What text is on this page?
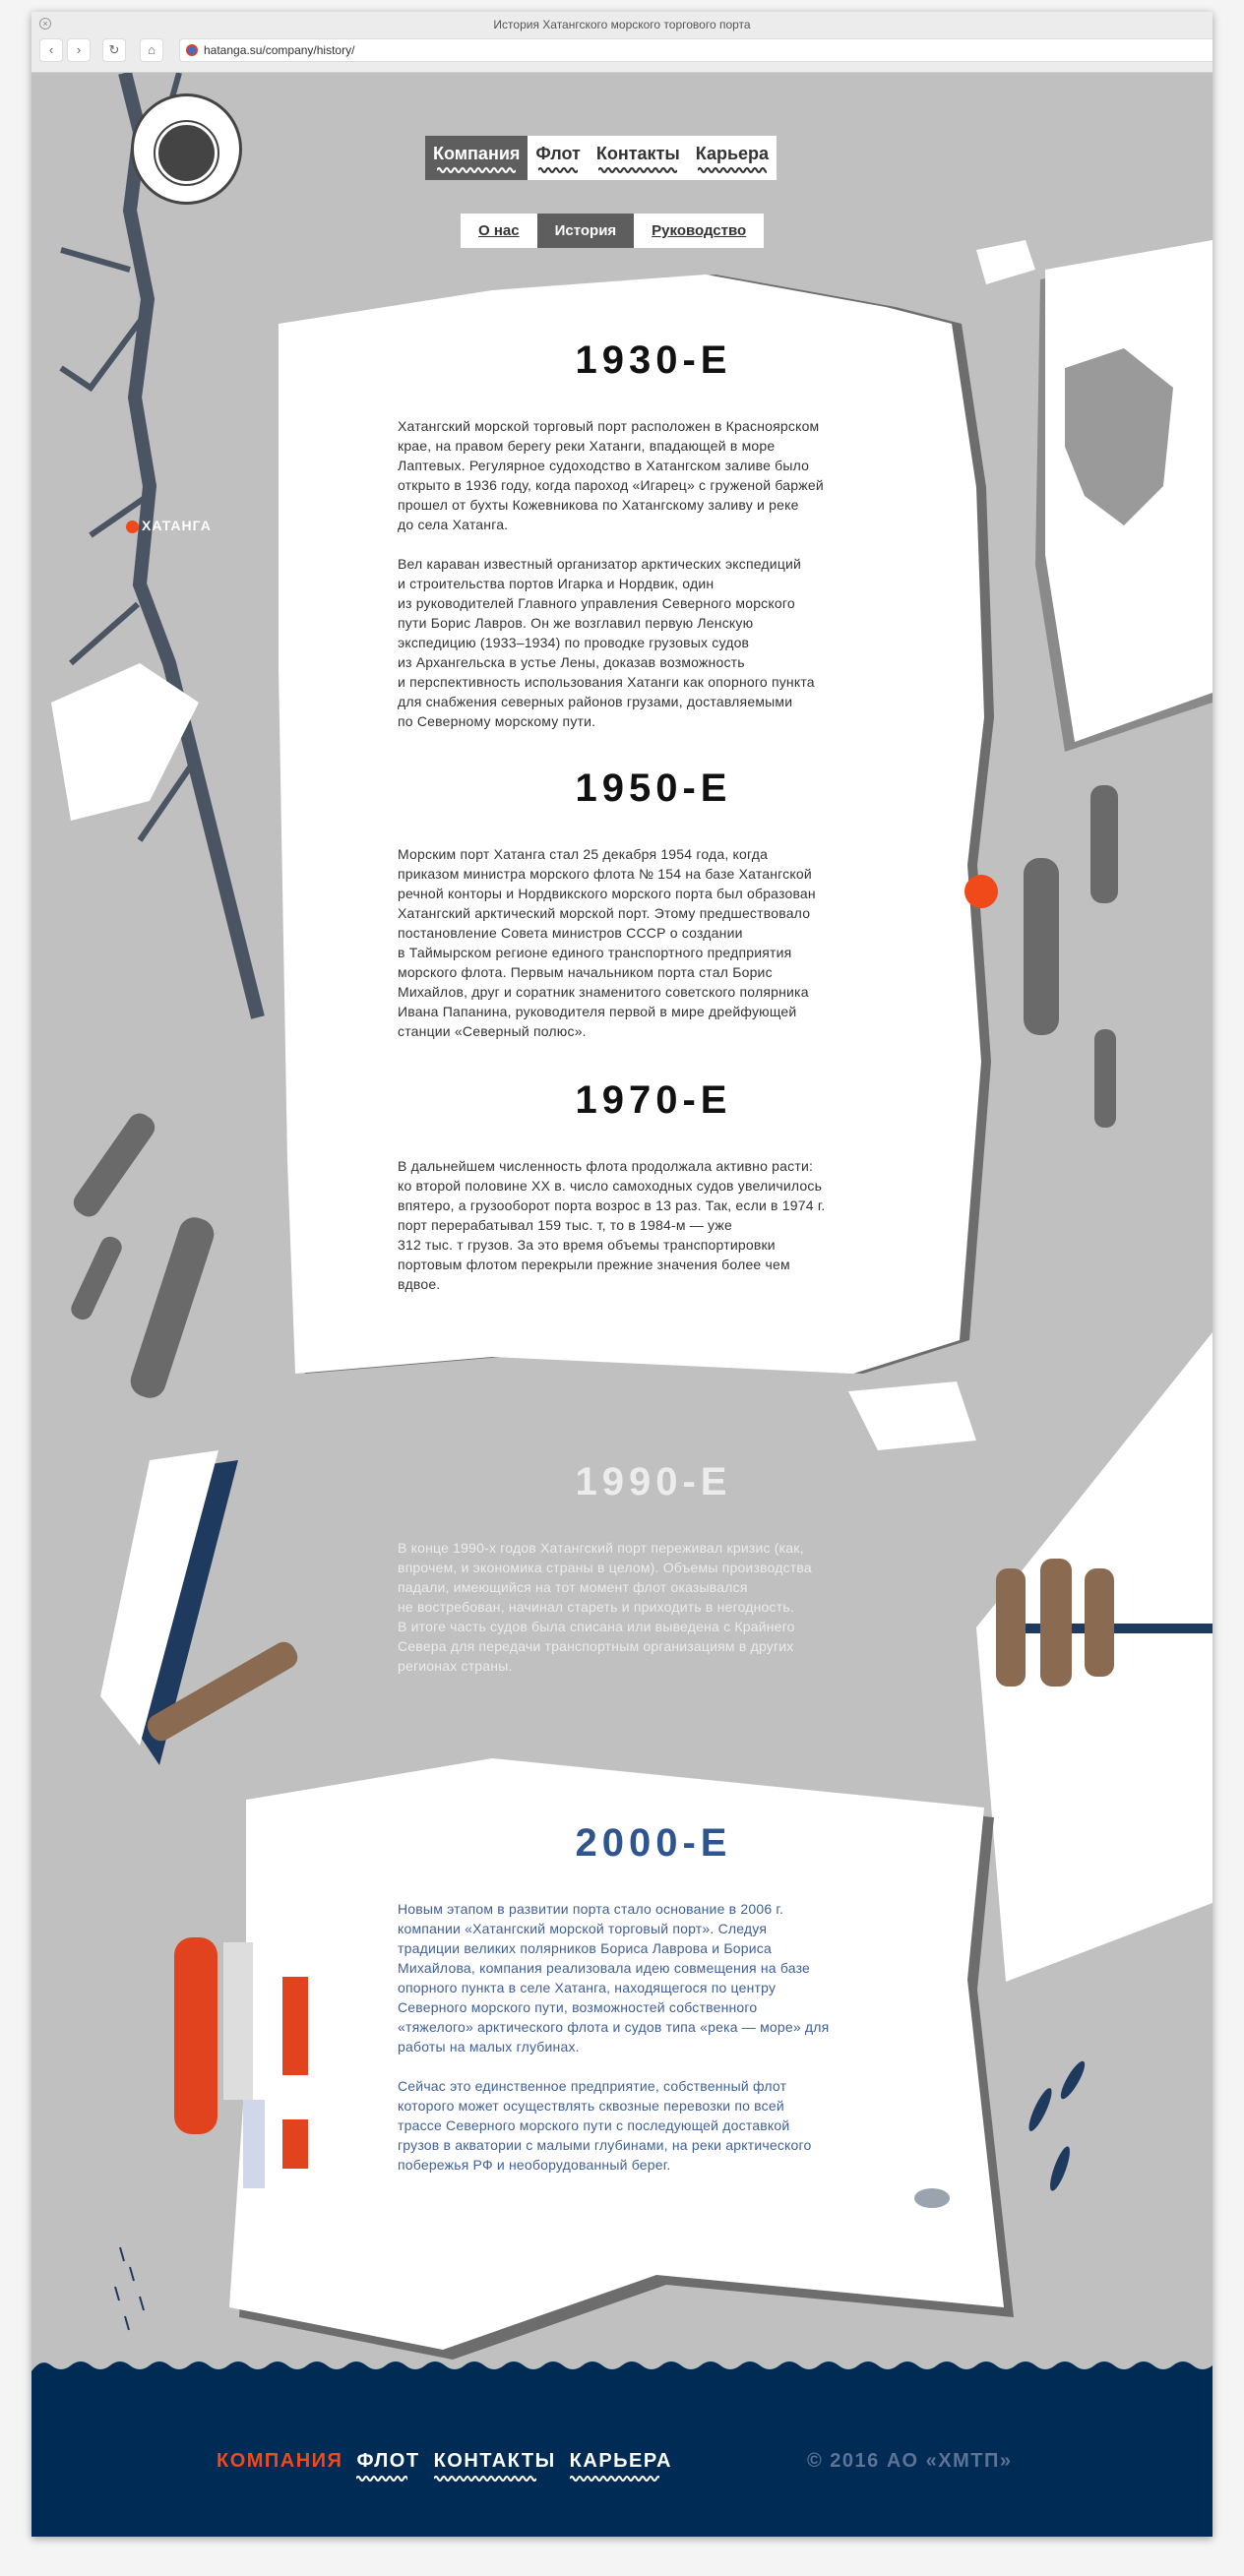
×	История Хатангского морского торгового порта
‹	›	↻	⌂	hatanga.su/company/history/
Компания Флот Контакты Карьера
О нас	История	Руководство
ХАТАНГА
1930-Е

Хатангский морской торговый порт расположен в Красноярском
крае, на правом берегу реки Хатанги, впадающей в море
Лаптевых. Регулярное судоходство в Хатангском заливе было
открыто в 1936 году, когда пароход «Игарец» с груженой баржей
прошел от бухты Кожевникова по Хатангскому заливу и реке
до села Хатанга.

Вел караван известный организатор арктических экспедиций
и строительства портов Игарка и Нордвик, один
из руководителей Главного управления Северного морского
пути Борис Лавров. Он же возглавил первую Ленскую
экспедицию (1933–1934) по проводке грузовых судов
из Архангельска в устье Лены, доказав возможность
и перспективность использования Хатанги как опорного пункта
для снабжения северных районов грузами, доставляемыми
по Северному морскому пути.

1950-Е

Морским порт Хатанга стал 25 декабря 1954 года, когда
приказом министра морского флота № 154 на базе Хатангской
речной конторы и Нордвикского морского порта был образован
Хатангский арктический морской порт. Этому предшествовало
постановление Совета министров СССР о создании
в Таймырском регионе единого транспортного предприятия
морского флота. Первым начальником порта стал Борис
Михайлов, друг и соратник знаменитого советского полярника
Ивана Папанина, руководителя первой в мире дрейфующей
станции «Северный полюс».

1970-Е

В дальнейшем численность флота продолжала активно расти:
ко второй половине XX в. число самоходных судов увеличилось
впятеро, а грузооборот порта возрос в 13 раз. Так, если в 1974 г.
порт перерабатывал 159 тыс. т, то в 1984-м — уже
312 тыс. т грузов. За это время объемы транспортировки
портовым флотом перекрыли прежние значения более чем
вдвое.

1990-Е

В конце 1990-х годов Хатангский порт переживал кризис (как,
впрочем, и экономика страны в целом). Объемы производства
падали, имеющийся на тот момент флот оказывался
не востребован, начинал стареть и приходить в негодность.
В итоге часть судов была списана или выведена с Крайнего
Севера для передачи транспортным организациям в других
регионах страны.

2000-Е

Новым этапом в развитии порта стало основание в 2006 г.
компании «Хатангский морской торговый порт». Следуя
традиции великих полярников Бориса Лаврова и Бориса
Михайлова, компания реализовала идею совмещения на базе
опорного пункта в селе Хатанга, находящегося по центру
Северного морского пути, возможностей собственного
«тяжелого» арктического флота и судов типа «река — море» для
работы на малых глубинах.

Сейчас это единственное предприятие, собственный флот
которого может осуществлять сквозные перевозки по всей
трассе Северного морского пути с последующей доставкой
грузов в акватории с малыми глубинами, на реки арктического
побережья РФ и необорудованный берег.

КОМПАНИЯ ФЛОТ КОНТАКТЫ КАРЬЕРА	© 2016 АО «ХМТП»
